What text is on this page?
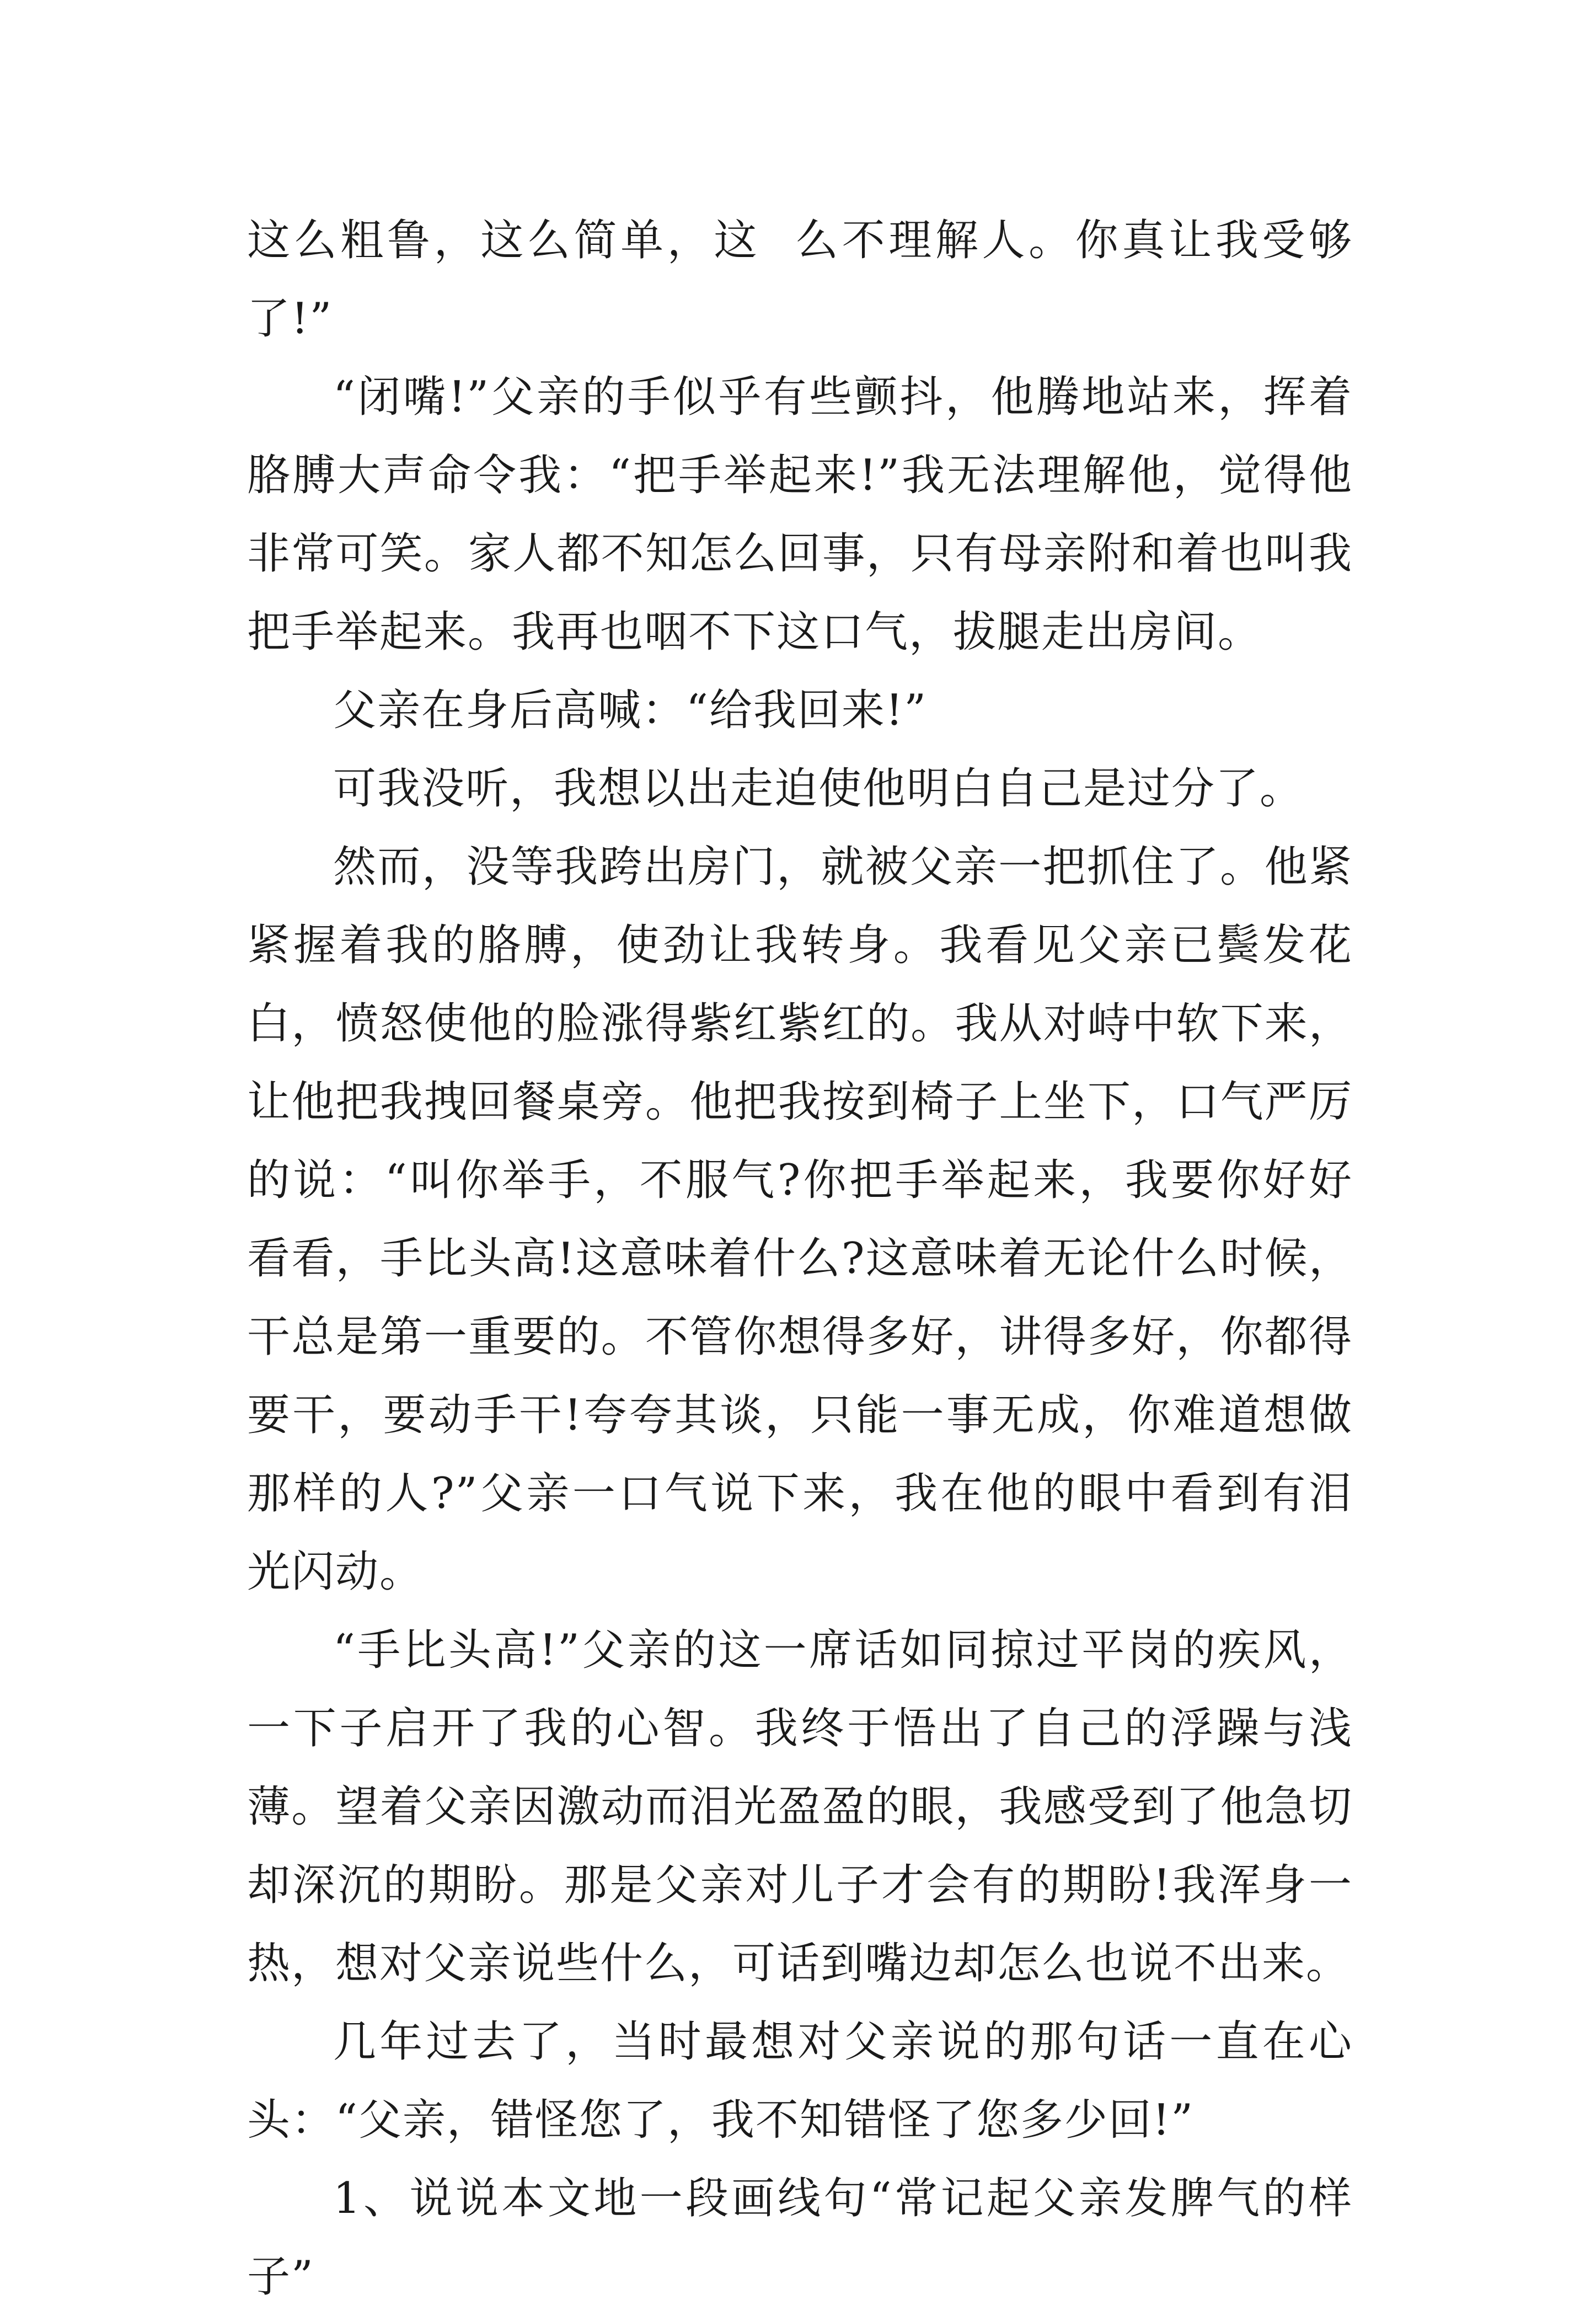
这么粗鲁，这么简单，这  么不理解人。你真让我受够了!”

“闭嘴!”父亲的手似乎有些颤抖，他腾地站来，挥着胳膊大声命令我：“把手举起来!”我无法理解他，觉得他非常可笑。家人都不知怎么回事，只有母亲附和着也叫我把手举起来。我再也咽不下这口气，拔腿走出房间。

父亲在身后高喊：“给我回来!”

可我没听，我想以出走迫使他明白自己是过分了。

然而，没等我跨出房门，就被父亲一把抓住了。他紧紧握着我的胳膊，使劲让我转身。我看见父亲已鬓发花白，愤怒使他的脸涨得紫红紫红的。我从对峙中软下来，让他把我拽回餐桌旁。他把我按到椅子上坐下，口气严厉的说：“叫你举手，不服气?你把手举起来，我要你好好看看，手比头高!这意味着什么?这意味着无论什么时候，干总是第一重要的。不管你想得多好，讲得多好，你都得要干，要动手干!夸夸其谈，只能一事无成，你难道想做那样的人?”父亲一口气说下来，我在他的眼中看到有泪光闪动。

“手比头高!”父亲的这一席话如同掠过平岗的疾风，一下子启开了我的心智。我终于悟出了自己的浮躁与浅薄。望着父亲因激动而泪光盈盈的眼，我感受到了他急切却深沉的期盼。那是父亲对儿子才会有的期盼!我浑身一热，想对父亲说些什么，可话到嘴边却怎么也说不出来。

几年过去了，当时最想对父亲说的那句话一直在心头：“父亲，错怪您了，我不知错怪了您多少回!”

1、说说本文地一段画线句“常记起父亲发脾气的样子”
